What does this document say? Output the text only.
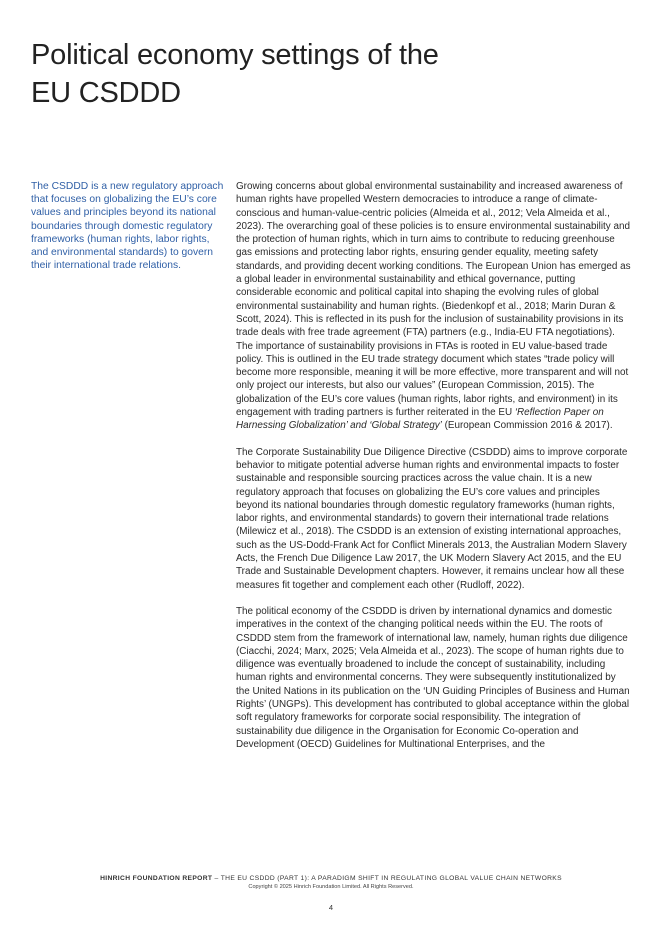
Political economy settings of the EU CSDDD

The CSDDD is a new regulatory approach that focuses on globalizing the EU’s core values and principles beyond its national boundaries through domestic regulatory frameworks (human rights, labor rights, and environmental standards) to govern their international trade relations.

Growing concerns about global environmental sustainability and increased awareness of human rights have propelled Western democracies to introduce a range of climate-conscious and human-value-centric policies (Almeida et al., 2012; Vela Almeida et al., 2023). The overarching goal of these policies is to ensure environmental sustainability and the protection of human rights, which in turn aims to contribute to reducing greenhouse gas emissions and protecting labor rights, ensuring gender equality, meeting safety standards, and providing decent working conditions. The European Union has emerged as a global leader in environmental sustainability and ethical governance, putting considerable economic and political capital into shaping the evolving rules of global environmental sustainability and human rights. (Biedenkopf et al., 2018; Marin Duran & Scott, 2024). This is reflected in its push for the inclusion of sustainability provisions in its trade deals with free trade agreement (FTA) partners (e.g., India-EU FTA negotiations). The importance of sustainability provisions in FTAs is rooted in EU value-based trade policy. This is outlined in the EU trade strategy document which states “trade policy will become more responsible, meaning it will be more effective, more transparent and will not only project our interests, but also our values” (European Commission, 2015). The globalization of the EU’s core values (human rights, labor rights, and environment) in its engagement with trading partners is further reiterated in the EU ‘Reflection Paper on Harnessing Globalization’ and ‘Global Strategy’ (European Commission 2016 & 2017).

The Corporate Sustainability Due Diligence Directive (CSDDD) aims to improve corporate behavior to mitigate potential adverse human rights and environmental impacts to foster sustainable and responsible sourcing practices across the value chain. It is a new regulatory approach that focuses on globalizing the EU’s core values and principles beyond its national boundaries through domestic regulatory frameworks (human rights, labor rights, and environmental standards) to govern their international trade relations (Milewicz et al., 2018). The CSDDD is an extension of existing international approaches, such as the US-Dodd-Frank Act for Conflict Minerals 2013, the Australian Modern Slavery Acts, the French Due Diligence Law 2017, the UK Modern Slavery Act 2015, and the EU Trade and Sustainable Development chapters. However, it remains unclear how all these measures fit together and complement each other (Rudloff, 2022).

The political economy of the CSDDD is driven by international dynamics and domestic imperatives in the context of the changing political needs within the EU. The roots of CSDDD stem from the framework of international law, namely, human rights due diligence (Ciacchi, 2024; Marx, 2025; Vela Almeida et al., 2023). The scope of human rights due to diligence was eventually broadened to include the concept of sustainability, including human rights and environmental concerns. They were subsequently institutionalized by the United Nations in its publication on the ‘UN Guiding Principles of Business and Human Rights’ (UNGPs). This development has contributed to global acceptance within the global soft regulatory frameworks for corporate social responsibility. The integration of sustainability due diligence in the Organisation for Economic Co-operation and Development (OECD) Guidelines for Multinational Enterprises, and the

HINRICH FOUNDATION REPORT – THE EU CSDDD (PART 1): A PARADIGM SHIFT IN REGULATING GLOBAL VALUE CHAIN NETWORKS
Copyright © 2025 Hinrich Foundation Limited. All Rights Reserved.
4
